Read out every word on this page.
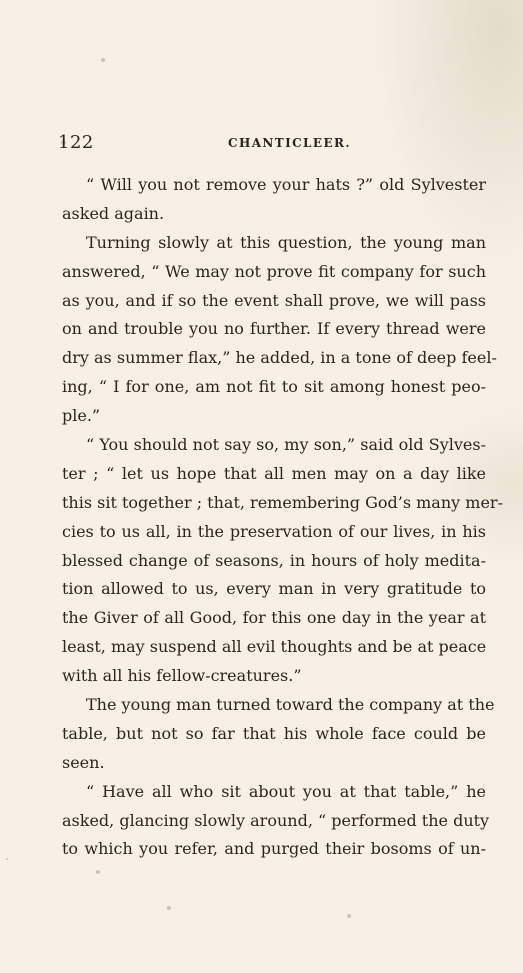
122	CHANTICLEER.
“ Will you not remove your hats ?” old Sylvester
asked again.
Turning slowly at this question, the young man
answered, “ We may not prove fit company for such
as you, and if so the event shall prove, we will pass
on and trouble you no further. If every thread were
dry as summer flax,” he added, in a tone of deep feel-
ing, “ I for one, am not fit to sit among honest peo-
ple.”
“ You should not say so, my son,” said old Sylves-
ter ; “ let us hope that all men may on a day like
this sit together ; that, remembering God’s many mer-
cies to us all, in the preservation of our lives, in his
blessed change of seasons, in hours of holy medita-
tion allowed to us, every man in very gratitude to
the Giver of all Good, for this one day in the year at
least, may suspend all evil thoughts and be at peace
with all his fellow-creatures.”
The young man turned toward the company at the
table, but not so far that his whole face could be
seen.
“ Have all who sit about you at that table,” he
asked, glancing slowly around, “ performed the duty
to which you refer, and purged their bosoms of un-
